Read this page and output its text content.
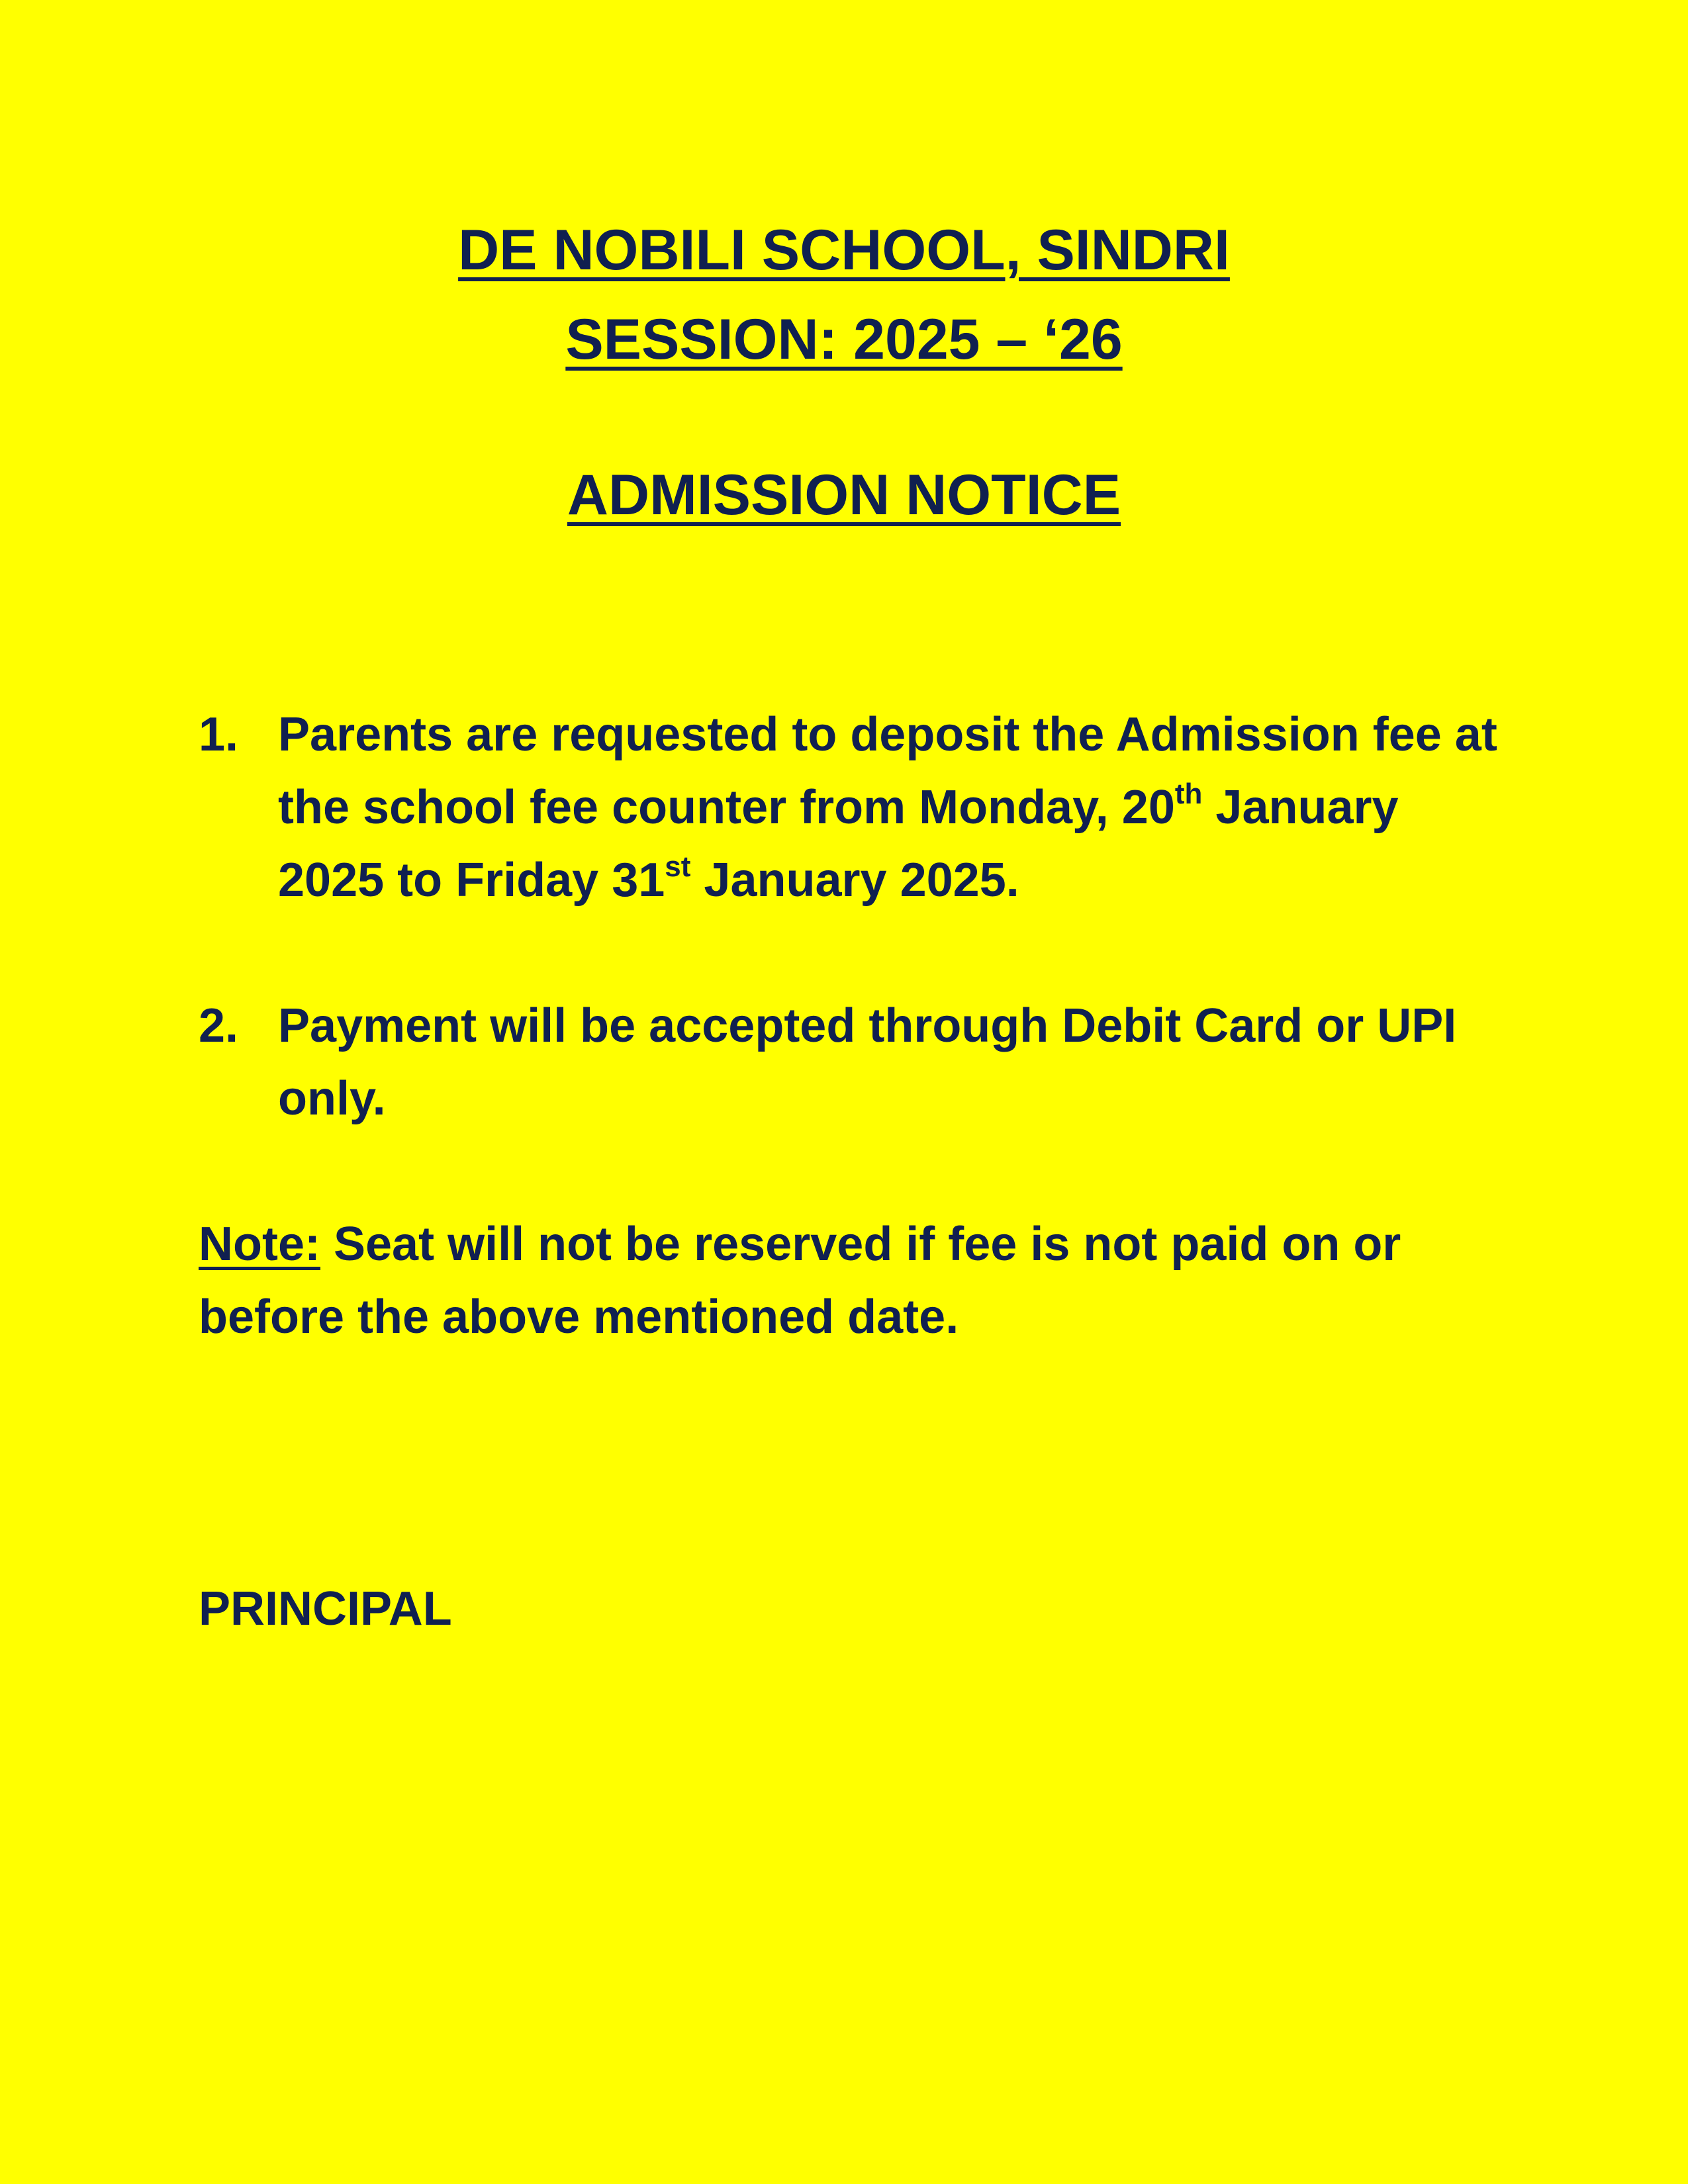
DE NOBILI SCHOOL, SINDRI
SESSION: 2025 – ‘26
ADMISSION NOTICE
1. Parents are requested to deposit the Admission fee at the school fee counter from Monday, 20th January 2025 to Friday 31st January 2025.
2. Payment will be accepted through Debit Card or UPI only.
Note: Seat will not be reserved if fee is not paid on or before the above mentioned date.
PRINCIPAL
